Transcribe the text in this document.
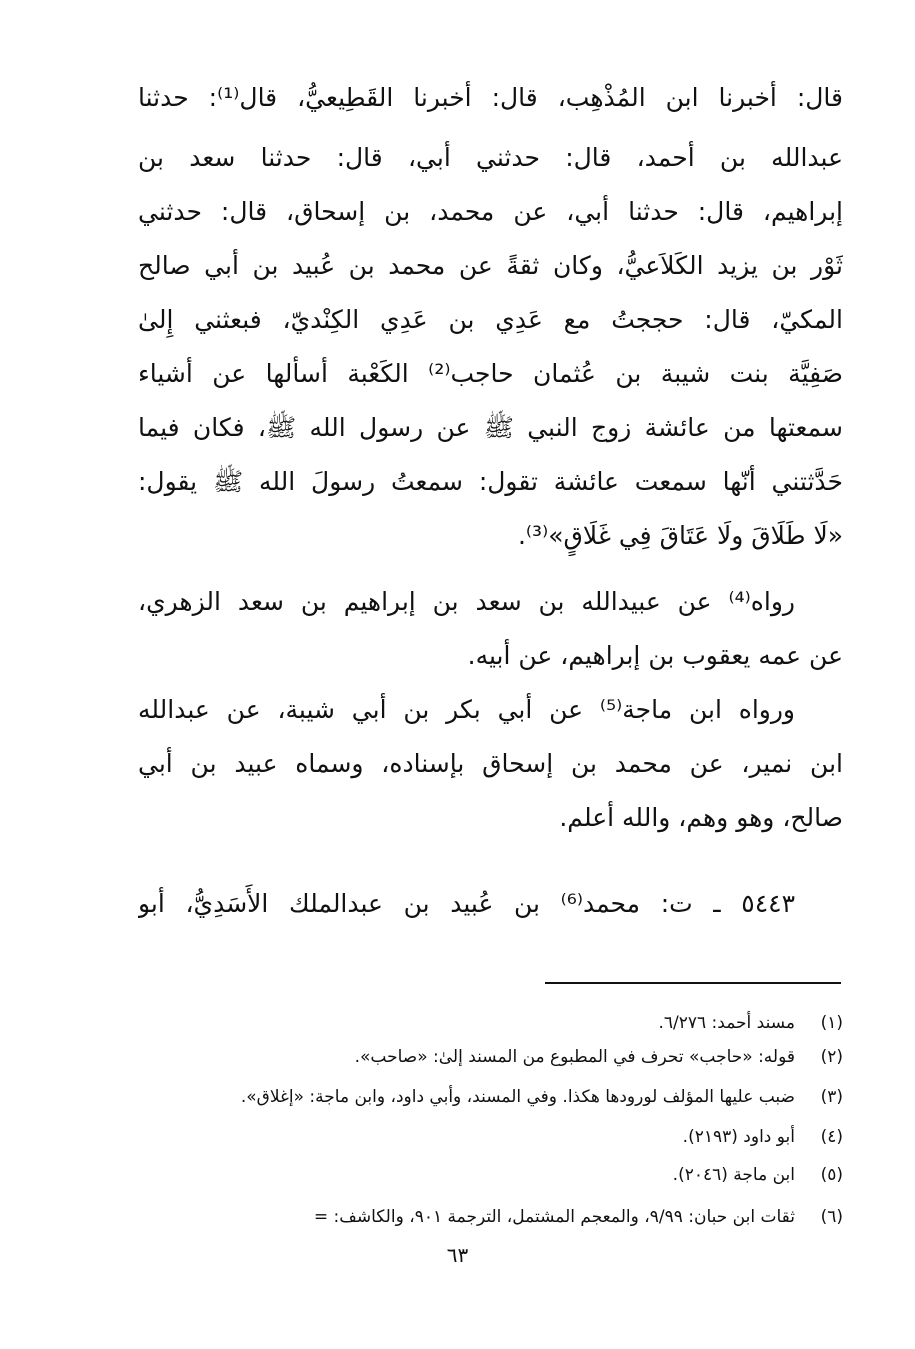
قال: أخبرنا ابن المُذْهِب، قال: أخبرنا القَطِيعيُّ، قال⁽¹⁾: حدثنا
عبدالله بن أحمد، قال: حدثني أبي، قال: حدثنا سعد بن
إبراهيم، قال: حدثنا أبي، عن محمد، بن إسحاق، قال: حدثني
ثَوْر بن يزيد الكَلاَعيُّ، وكان ثقةً عن محمد بن عُبيد بن أبي صالح
المكيّ، قال: حججتُ مع عَدِي بن عَدِي الكِنْديّ، فبعثني إِلىٰ
صَفِيَّة بنت شيبة بن عُثمان حاجب⁽²⁾ الكَعْبة أسألها عن أشياء
سمعتها من عائشة زوج النبي ﷺ عن رسول الله ﷺ، فكان فيما
حَدَّثتني أنّها سمعت عائشة تقول: سمعتُ رسولَ الله ﷺ يقول:
«لَا طَلَاقَ ولَا عَتَاقَ فِي غَلَاقٍ»⁽³⁾.
رواه⁽⁴⁾ عن عبيدالله بن سعد بن إبراهيم بن سعد الزهري،
عن عمه يعقوب بن إبراهيم، عن أبيه.
ورواه ابن ماجة⁽⁵⁾ عن أبي بكر بن أبي شيبة، عن عبدالله
ابن نمير، عن محمد بن إسحاق بإسناده، وسماه عبيد بن أبي
صالح، وهو وهم، والله أعلم.
٥٤٤٣ ـ ت: محمد⁽⁶⁾ بن عُبيد بن عبدالملك الأَسَدِيُّ، أبو
(١)مسند أحمد: ٦/٢٧٦.
(٢)قوله: «حاجب» تحرف في المطبوع من المسند إلىٰ: «صاحب».
(٣)ضبب عليها المؤلف لورودها هكذا. وفي المسند، وأبي داود، وابن ماجة: «إغلاق».
(٤)أبو داود (٢١٩٣).
(٥)ابن ماجة (٢٠٤٦).
(٦)ثقات ابن حبان: ٩/٩٩، والمعجم المشتمل، الترجمة ٩٠١، والكاشف: =
٦٣
